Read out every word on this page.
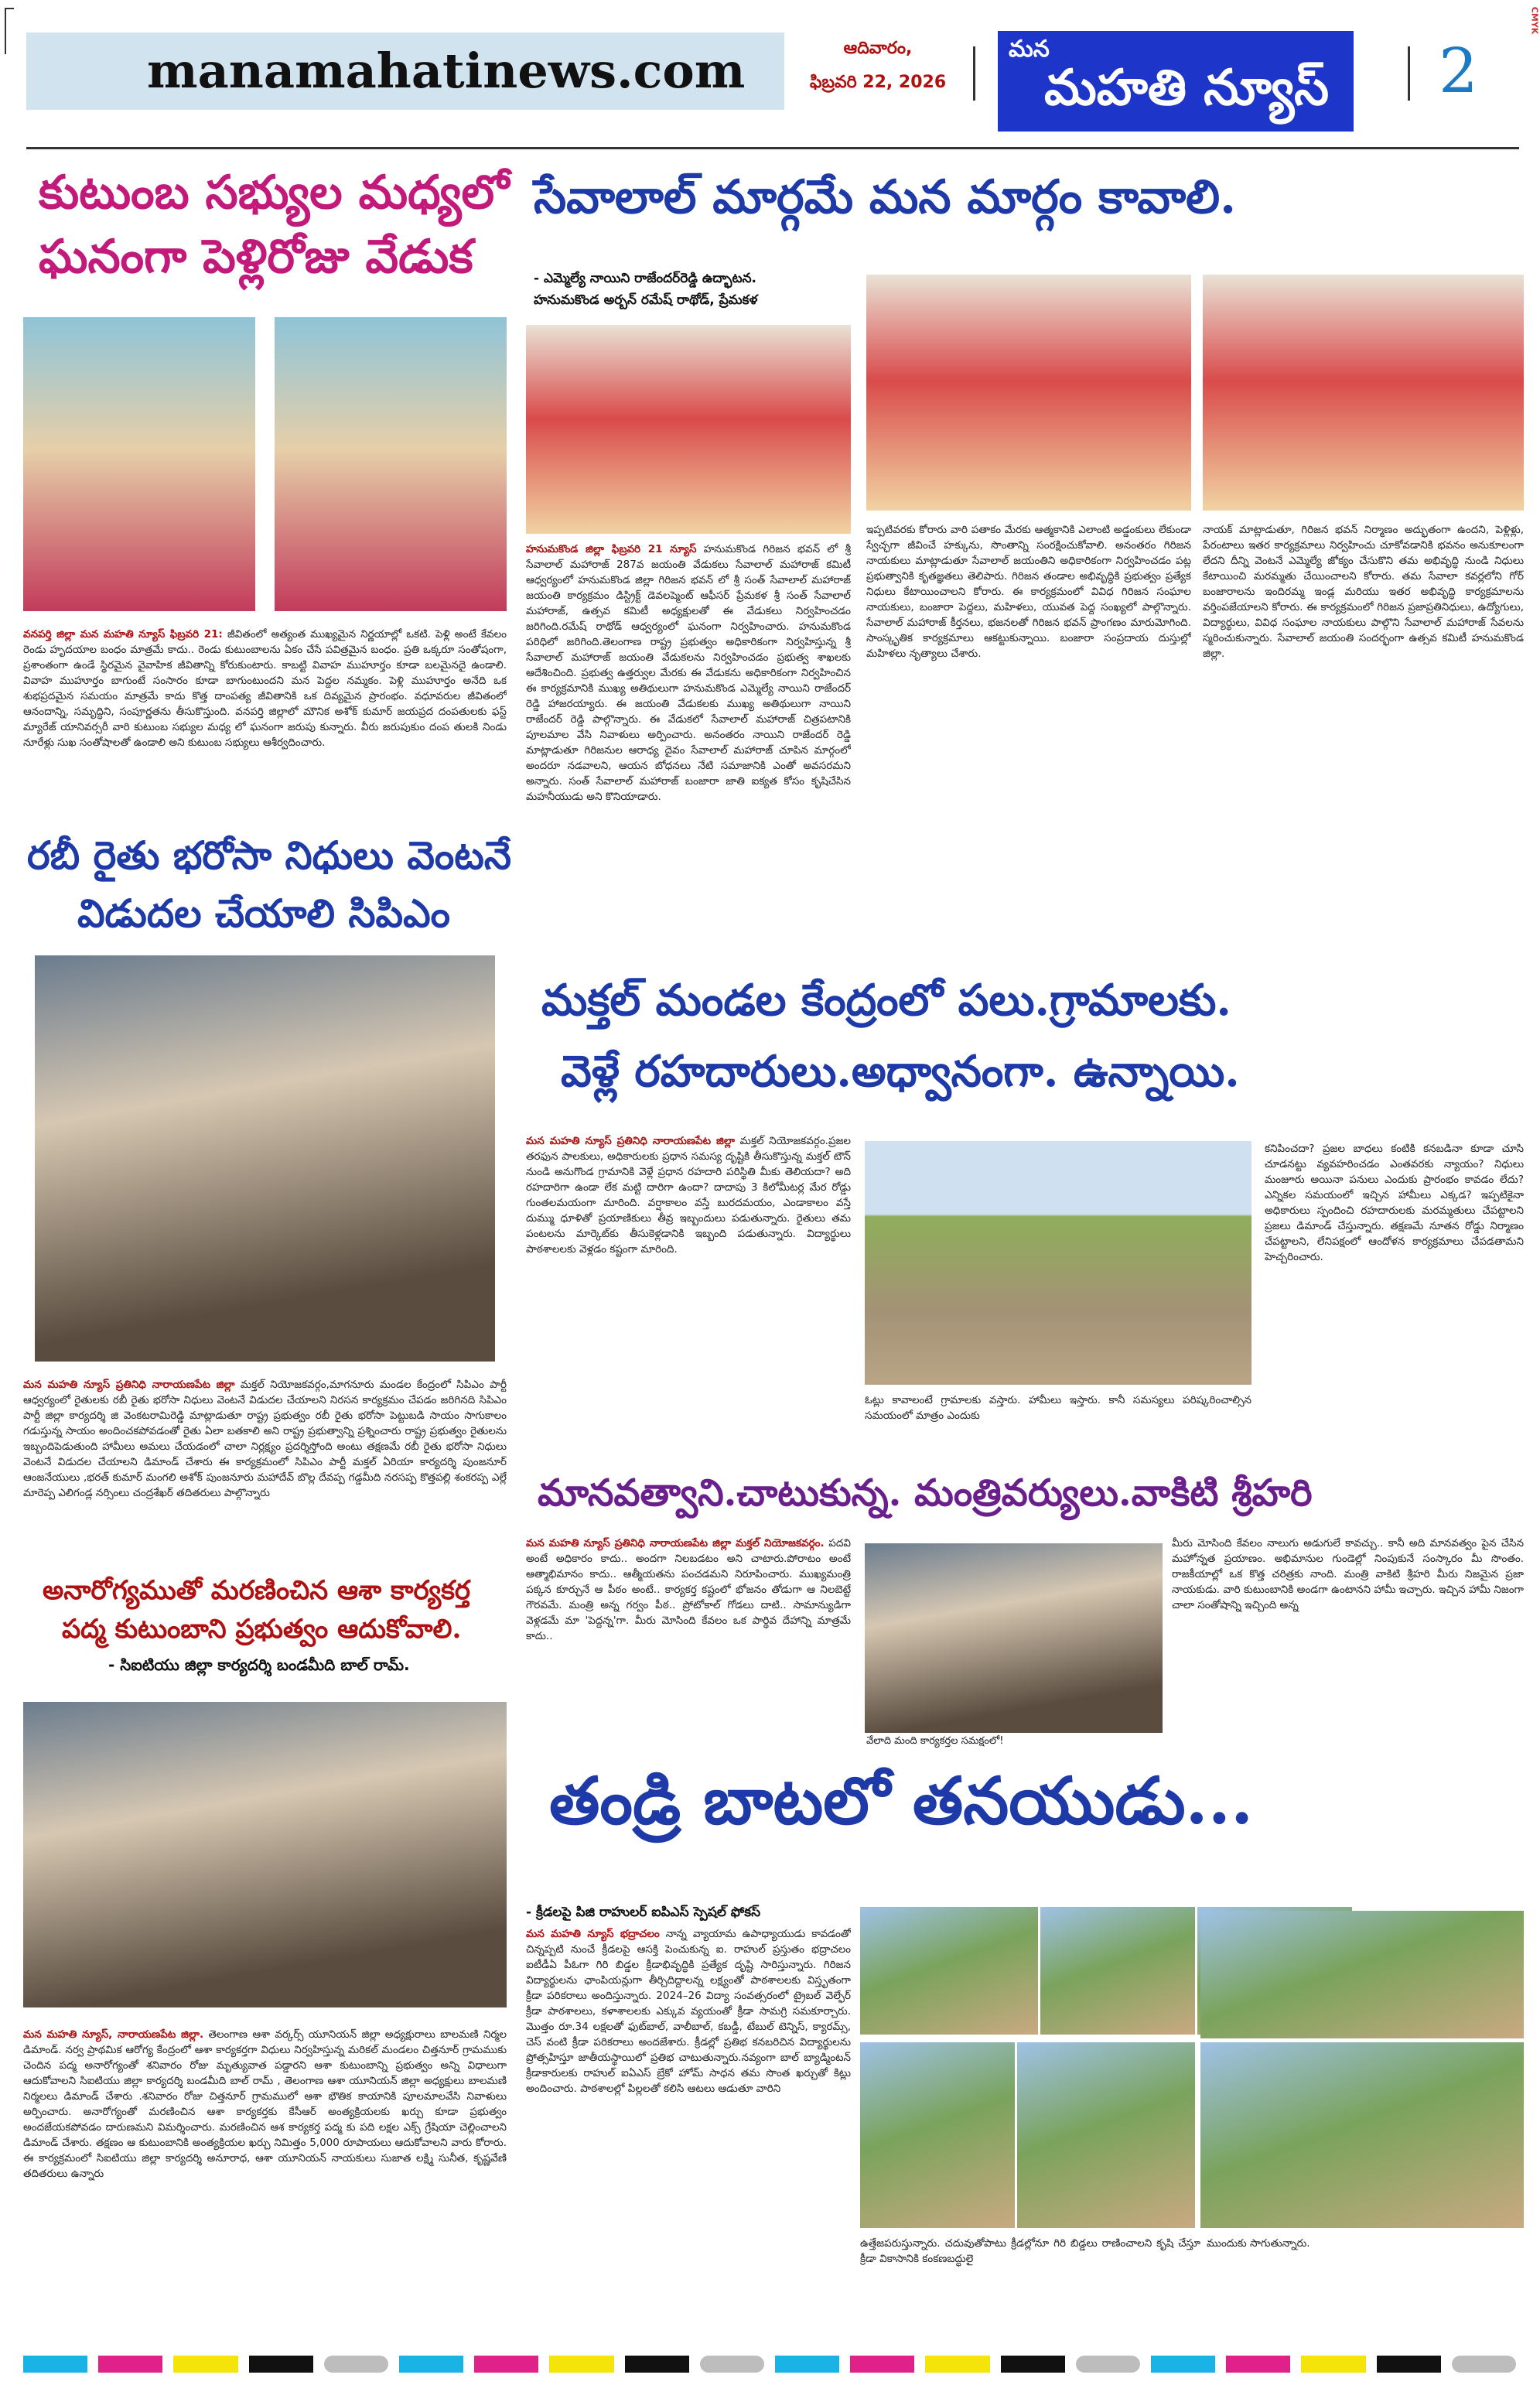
CMYK
manamahatinews.com	ఆదివారం,
ఫిబ్రవరి 22, 2026
మన
మహతి న్యూస్ 2
కుటుంబ సభ్యుల మధ్యలో
ఘనంగా పెళ్లిరోజు వేడుక
వనపర్తి జిల్లా మన మహతి న్యూస్ ఫిబ్రవరి 21: జీవితంలో అత్యంత ముఖ్యమైన నిర్ణయాల్లో ఒకటి. పెళ్లి అంటే కేవలం రెండు హృదయాల బంధం మాత్రమే కాదు.. రెండు కుటుంబాలను ఏకం చేసే పవిత్రమైన బంధం. ప్రతి ఒక్కరూ సంతోషంగా, ప్రశాంతంగా ఉండే స్థిరమైన వైవాహిక జీవితాన్ని కోరుకుంటారు. కాబట్టి వివాహ ముహూర్తం కూడా బలమైనదై ఉండాలి. వివాహ ముహూర్తం బాగుంటే సంసారం కూడా బాగుంటుందని మన పెద్దల నమ్మకం. పెళ్లి ముహూర్తం అనేది ఒక శుభప్రదమైన సమయం మాత్రమే కాదు కొత్త దాంపత్య జీవితానికి ఒక దివ్యమైన ప్రారంభం. వధూవరుల జీవితంలో ఆనందాన్ని, సమృద్ధిని, సంపూర్ణతను తీసుకొస్తుంది. వనపర్తి జిల్లాలో మౌనిక అశోక్ కుమార్ జయప్రద దంపతులకు ఫస్ట్ మ్యారేజ్ యానివర్సరీ వారి కుటుంబ సభ్యుల మధ్య లో ఘనంగా జరుపు కున్నారు. వీరు జరుపుకుం దంప తులకి నిండు నూరేళ్లు సుఖ సంతోషాలతో ఉండాలి అని కుటుంబ సభ్యులు ఆశీర్వదించారు.
రబీ రైతు భరోసా నిధులు వెంటనే
విడుదల చేయాలి సిపిఎం
మన మహతి న్యూస్ ప్రతినిధి నారాయణపేట జిల్లా మక్తల్ నియోజకవర్గం,మాగనూరు మండల కేంద్రంలో సిపిఎం పార్టీ ఆధ్వర్యంలో రైతులకు రబీ రైతు భరోసా నిధులు వెంటనే విడుదల చేయాలని నిరసన కార్యక్రమం చేపడం జరిగినది సిపిఎం పార్టీ జిల్లా కార్యదర్శి జి వెంకటరామిరెడ్డి మాట్లాడుతూ రాష్ట్ర ప్రభుత్వం రబీ రైతు భరోసా పెట్టుబడి సాయం సాగుకాలం గడుస్తున్న సాయం అందించకపోవడంతో రైతు ఏలా బతకాలి అని రాష్ట్ర ప్రభుత్వాన్ని ప్రశ్నించారు రాష్ట్ర ప్రభుత్వం రైతులను ఇబ్బందిపెడుతుంది హామీలు అమలు చేయడంలో చాలా నిర్లక్ష్యం ప్రదర్శిస్తోంది అంటు తక్షణమే రబీ రైతు భరోసా నిధులు వెంటనే విడుదల చేయాలని డిమాండ్ చేశారు ఈ కార్యక్రమంలో సిపిఎం పార్టీ మక్తల్ ఏరియా కార్యదర్శి పుంజనూర్ ఆంజనేయులు ,భరత్ కుమార్ మంగలి అశోక్ పుంజనూరు మహాదేవ్ బొల్ల దేవప్ప గడ్డమీది నరసప్ప కొత్తపల్లి శంకరప్ప ఎల్లే మారెప్ప ఎలిగండ్ల నర్సింలు చంద్రశేఖర్ తదితరులు పాల్గొన్నారు
అనారోగ్యముతో మరణించిన ఆశా కార్యకర్త
పద్మ కుటుంబాని ప్రభుత్వం ఆదుకోవాలి.
- సిఐటియు జిల్లా కార్యదర్శి బండమీది బాల్ రామ్.
మన మహతి న్యూస్, నారాయణపేట జిల్లా. తెలంగాణ ఆశా వర్కర్స్ యూనియన్ జిల్లా అధ్యక్షురాలు బాలమణి నిర్మల డిమాండ్. నర్వ ప్రాథమిక ఆరోగ్య కేంద్రంలో ఆశా కార్యకర్తగా విధులు నిర్వహిస్తున్న మరికల్ మండలం చిత్తనూర్ గ్రామముకు చెందిన పద్మ అనారోగ్యంతో శనివారం రోజు మృత్యువాత పడ్డారని ఆశా కుటుంబాన్ని ప్రభుత్వం అన్ని విధాలుగా ఆదుకోవాలని సిఐటియు జిల్లా కార్యదర్శి బండమీది బాల్ రామ్ , తెలంగాణ ఆశా యూనియన్ జిల్లా అధ్యక్షులు బాలమణి నిర్మలలు డిమాండ్ చేశారు .శనివారం రోజు చిత్తనూర్ గ్రామములో ఆశా భౌతిక కాయానికి పూలమాలవేసి నివాళులు అర్పించారు. అనారోగ్యంతో మరణించిన ఆశా కార్యకర్తకు కేసీఆర్ అంత్యక్రియలకు ఖర్చు కూడా ప్రభుత్వం అందజేయకపోవడం దారుణమని విమర్శించారు. మరణించిన ఆశ కార్యకర్త పద్మ కు పది లక్షల ఎక్స్ గ్రేషియా చెల్లించాలని డిమాండ్ చేశారు. తక్షణం ఆ కుటుంబానికి అంత్యక్రియల ఖర్చు నిమిత్తం 5,000 రూపాయలు ఆదుకోవాలని వారు కోరారు. ఈ కార్యక్రమంలో సిఐటియు జిల్లా కార్యదర్శి అనూరాధ, ఆశా యూనియన్ నాయకులు సుజాత లక్ష్మి సునీత, కృష్ణవేణి తదితరులు ఉన్నారు
సేవాలాల్ మార్గమే మన మార్గం కావాలి.
- ఎమ్మెల్యే నాయిని రాజేందర్‌రెడ్డి ఉద్భాటన.
హనుమకొండ అర్బన్ రమేష్ రాథోడ్, ప్రేమకళ
హనుమకొండ జిల్లా ఫిబ్రవరి 21 న్యూస్ హనుమకొండ గిరిజన భవన్ లో శ్రీ సేవాలాల్ మహారాజ్ 287వ జయంతి వేడుకలు సేవాలాల్ మహారాజ్ కమిటీ ఆధ్వర్యంలో హనుమకొండ జిల్లా గిరిజన భవన్ లో శ్రీ సంత్ సేవాలాల్ మహారాజ్ జయంతి కార్యక్రమం డిస్ట్రిక్ట్ డెవలప్మెంట్ ఆఫీసర్ ప్రేమకళ శ్రీ సంత్ సేవాలాల్ మహారాజ్, ఉత్సవ కమిటీ అధ్యక్షులతో ఈ వేడుకలు నిర్వహించడం జరిగింది.రమేష్ రాథోడ్ ఆధ్వర్యంలో ఘనంగా నిర్వహించారు. హనుమకొండ పరిధిలో జరిగింది.తెలంగాణ రాష్ట్ర ప్రభుత్వం అధికారికంగా నిర్వహిస్తున్న శ్రీ సేవాలాల్ మహారాజ్ జయంతి వేడుకలను నిర్వహించడం ప్రభుత్వ శాఖలకు ఆదేశించింది. ప్రభుత్వ ఉత్తర్వుల మేరకు ఈ వేడుకను అధికారికంగా నిర్వహించిన ఈ కార్యక్రమానికి ముఖ్య అతిథులుగా హనుమకొండ ఎమ్మెల్యే నాయిని రాజేందర్ రెడ్డి హాజరయ్యారు. ఈ జయంతి వేడుకలకు ముఖ్య అతిథులుగా నాయిని రాజేందర్ రెడ్డి పాల్గొన్నారు. ఈ వేడుకలో సేవాలాల్ మహారాజ్ చిత్రపటానికి పూలమాల వేసి నివాళులు అర్పించారు. అనంతరం నాయిని రాజేందర్ రెడ్డి మాట్లాడుతూ గిరిజనుల ఆరాధ్య దైవం సేవాలాల్ మహారాజ్ చూపిన మార్గంలో అందరూ నడవాలని, ఆయన బోధనలు నేటి సమాజానికి ఎంతో అవసరమని అన్నారు. సంత్ సేవాలాల్ మహారాజ్ బంజారా జాతి ఐక్యత కోసం కృషిచేసిన మహనీయుడు అని కొనియాడారు.
ఇప్పటివరకు కోరారు వారి పతాకం మేరకు ఆత్మకానికి ఎలాంటి అడ్డంకులు లేకుండా స్వేచ్ఛగా జీవించే హక్కును, సొంతాన్ని సంరక్షించుకోవాలి. అనంతరం గిరిజన నాయకులు మాట్లాడుతూ సేవాలాల్ జయంతిని అధికారికంగా నిర్వహించడం పట్ల ప్రభుత్వానికి కృతజ్ఞతలు తెలిపారు. గిరిజన తండాల అభివృద్ధికి ప్రభుత్వం ప్రత్యేక నిధులు కేటాయించాలని కోరారు. ఈ కార్యక్రమంలో వివిధ గిరిజన సంఘాల నాయకులు, బంజారా పెద్దలు, మహిళలు, యువత పెద్ద సంఖ్యలో పాల్గొన్నారు. సేవాలాల్ మహారాజ్ కీర్తనలు, భజనలతో గిరిజన భవన్ ప్రాంగణం మారుమోగింది. సాంస్కృతిక కార్యక్రమాలు ఆకట్టుకున్నాయి. బంజారా సంప్రదాయ దుస్తుల్లో మహిళలు నృత్యాలు చేశారు.
నాయక్ మాట్లాడుతూ, గిరిజన భవన్ నిర్మాణం అద్భుతంగా ఉందని, పెళ్లిళ్లు, పేరంటాలు ఇతర కార్యక్రమాలు నిర్వహించు చూకోవడానికి భవనం అనుకూలంగా లేదని దీన్ని వెంటనే ఎమ్మెల్యే జోక్యం చేసుకొని తమ అభివృద్ధి నుండి నిధులు కేటాయించి మరమ్మతు చేయించాలని కోరారు. తమ సేవాలా కవర్లలోని గోర్ బంజారాలను ఇందిరమ్మ ఇండ్ల మరియు ఇతర అభివృద్ధి కార్యక్రమాలను వర్తింపజేయాలని కోరారు. ఈ కార్యక్రమంలో గిరిజన ప్రజాప్రతినిధులు, ఉద్యోగులు, విద్యార్థులు, వివిధ సంఘాల నాయకులు పాల్గొని సేవాలాల్ మహారాజ్ సేవలను స్మరించుకున్నారు. సేవాలాల్ జయంతి సందర్భంగా ఉత్సవ కమిటీ హనుమకొండ జిల్లా.
మక్తల్ మండల కేంద్రంలో పలు.గ్రామాలకు.
వెళ్లే రహదారులు.అధ్వానంగా. ఉన్నాయి.
మన మహతి న్యూస్ ప్రతినిధి నారాయణపేట జిల్లా మక్తల్ నియోజకవర్గం.ప్రజల తరఫున పాలకులు, అధికారులకు ప్రధాన సమస్య దృష్టికి తీసుకొస్తున్న మక్తల్ టౌన్ నుండి అనుగొండ గ్రామానికి వెళ్లే ప్రధాన రహదారి పరిస్థితి మీకు తెలియదా? అది రహదారిగా ఉండా లేక మట్టి దారిగా ఉందా? దాదాపు 3 కిలోమీటర్ల మేర రోడ్డు గుంతలమయంగా మారింది. వర్షాకాలం వస్తే బురదమయం, ఎండాకాలం వస్తే దుమ్ము ధూళితో ప్రయాణికులు తీవ్ర ఇబ్బందులు పడుతున్నారు. రైతులు తమ పంటలను మార్కెట్‌కు తీసుకెళ్లడానికి ఇబ్బంది పడుతున్నారు. విద్యార్థులు పాఠశాలలకు వెళ్లడం కష్టంగా మారింది.
ఓట్లు కావాలంటే గ్రామాలకు వస్తారు. హామీలు ఇస్తారు. కానీ సమస్యలు పరిష్కరించాల్సిన సమయంలో మాత్రం ఎందుకు
కనిపించదా? ప్రజల బాధలు కంటికి కనబడినా కూడా చూసి చూడనట్టు వ్యవహరించడం ఎంతవరకు న్యాయం? నిధులు మంజూరు అయినా పనులు ఎందుకు ప్రారంభం కావడం లేదు? ఎన్నికల సమయంలో ఇచ్చిన హామీలు ఎక్కడ? ఇప్పటికైనా అధికారులు స్పందించి రహదారులకు మరమ్మతులు చేపట్టాలని ప్రజలు డిమాండ్ చేస్తున్నారు. తక్షణమే నూతన రోడ్డు నిర్మాణం చేపట్టాలని, లేనిపక్షంలో ఆందోళన కార్యక్రమాలు చేపడతామని హెచ్చరించారు.
మానవత్వాని.చాటుకున్న. మంత్రివర్యులు.వాకిటి శ్రీహరి
మన మహతి న్యూస్ ప్రతినిధి నారాయణపేట జిల్లా మక్తల్ నియోజకవర్గం. పదవి అంటే అధికారం కాదు.. అందగా నిలబడటం అని చాటారు.పోరాటం అంటే ఆత్మాభిమానం కాదు.. ఆత్మీయతను పంచడమని నిరూపించారు. ముఖ్యమంత్రి పక్కన కూర్చునే ఆ పీఠం అంటే.. కార్యకర్త కష్టంలో భోజనం తోడుగా ఆ నిలబెట్టే గౌరవమే. మంత్రి అన్న గర్వం పీఠ.. ప్రోటోకాల్ గోడలు దాటి.. సామాన్యుడిగా వెళ్లడమే మా 'పెద్దన్న'గా. మీరు మోసింది కేవలం ఒక పార్థివ దేహాన్ని మాత్రమే కాదు..
వేలాది మంది కార్యకర్తల సమక్షంలో!
మీరు మోసింది కేవలం నాలుగు అడుగులే కావచ్చు.. కానీ అది మానవత్వం పైన చేసిన మహోన్నత ప్రయాణం. అభిమానుల గుండెల్లో నింపుకునే సంస్కారం మీ సొంతం. రాజకీయాల్లో ఒక కొత్త చరిత్రకు నాంది. మంత్రి వాకిటి శ్రీహరి మీరు నిజమైన ప్రజా నాయకుడు. వారి కుటుంబానికి అండగా ఉంటానని హామీ ఇచ్చారు. ఇచ్చిన హామీ నిజంగా చాలా సంతోషాన్ని ఇచ్చింది అన్న
తండ్రి బాటలో తనయుడు...
- క్రీడలపై పిజి రాహులర్ ఐపిఎస్ స్పెషల్ ఫోకస్
మన మహతి న్యూస్ భద్రాచలం నాన్న వ్యాయామ ఉపాధ్యాయుడు కావడంతో చిన్నప్పటి నుంచే క్రీడలపై ఆసక్తి పెంచుకున్న ఐ. రాహుల్ ప్రస్తుతం భద్రాచలం ఐటీడీఏ పీఓగా గిరి బిడ్డల క్రీడాభివృద్ధికి ప్రత్యేక దృష్టి సారిస్తున్నారు. గిరిజన విద్యార్థులను ఛాంపియన్లుగా తీర్చిదిద్దాలన్న లక్ష్యంతో పాఠశాలలకు విస్తృతంగా క్రీడా పరికరాలు అందిస్తున్నారు. 2024–26 విద్యా సంవత్సరంలో ట్రైబల్ వెల్ఫేర్ క్రీడా పాఠశాలలు, కళాశాలలకు ఎక్కువ వ్యయంతో క్రీడా సామగ్రి సమకూర్చారు. మొత్తం రూ.34 లక్షలతో ఫుట్‌బాల్, వాలీబాల్, కబడ్డీ, టేబుల్ టెన్నిస్, క్యారమ్స్, చెస్ వంటి క్రీడా పరికరాలు అందజేశారు. క్రీడల్లో ప్రతిభ కనబరిచిన విద్యార్థులను ప్రోత్సహిస్తూ జాతీయస్థాయిలో ప్రతిభ చాటుతున్నారు.నవ్యంగా బాల్ బ్యాడ్మింటన్ క్రీడాకారులకు రాహుల్ ఐఏఎస్ బ్రేకో హోమ్ సాధన తమ సొంత ఖర్చుతో కిట్లు అందించారు. పాఠశాలల్లో పిల్లలతో కలిసి ఆటలు ఆడుతూ వారిని
ఉత్తేజపరుస్తున్నారు. చదువుతోపాటు క్రీడల్లోనూ గిరి బిడ్డలు రాణించాలని కృషి చేస్తూ క్రీడా వికాసానికి కంకణబద్ధులై
ముందుకు సాగుతున్నారు.
